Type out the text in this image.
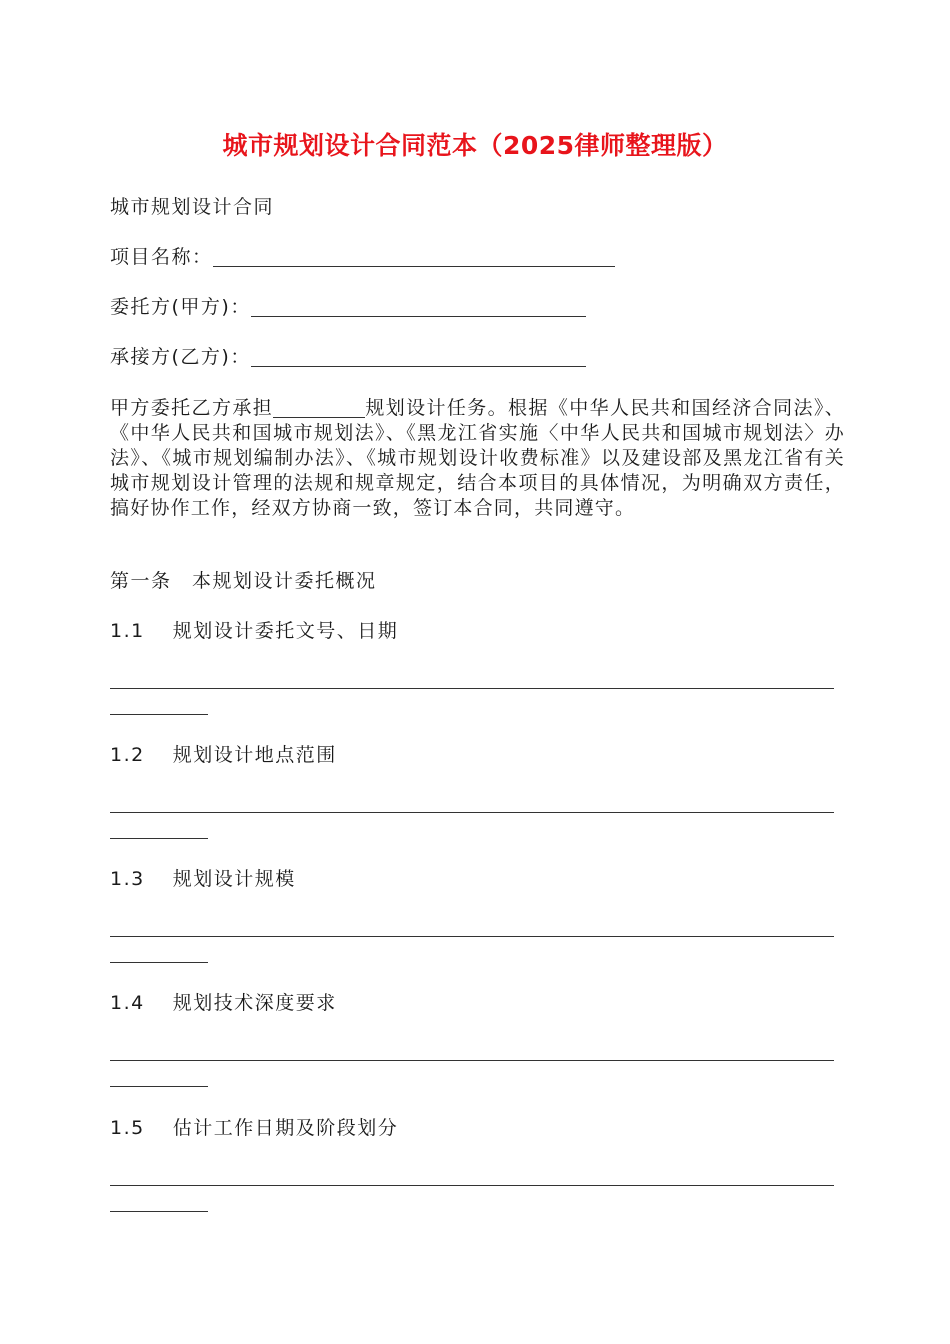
城市规划设计合同范本（2025律师整理版）
城市规划设计合同
项目名称：
委托方(甲方)：
承接方(乙方)：
甲方委托乙方承担	规划设计任务。根据《中华人民共和国经济合同法》、《中华人民共和国城市规划法》、《黑龙江省实施〈中华人民共和国城市规划法〉办法》、《城市规划编制办法》、《城市规划设计收费标准》以及建设部及黑龙江省有关城市规划设计管理的法规和规章规定，结合本项目的具体情况，为明确双方责任，搞好协作工作，经双方协商一致，签订本合同，共同遵守。
第一条　本规划设计委托概况
1.1 规划设计委托文号、日期
1.2 规划设计地点范围
1.3 规划设计规模
1.4 规划技术深度要求
1.5 估计工作日期及阶段划分
